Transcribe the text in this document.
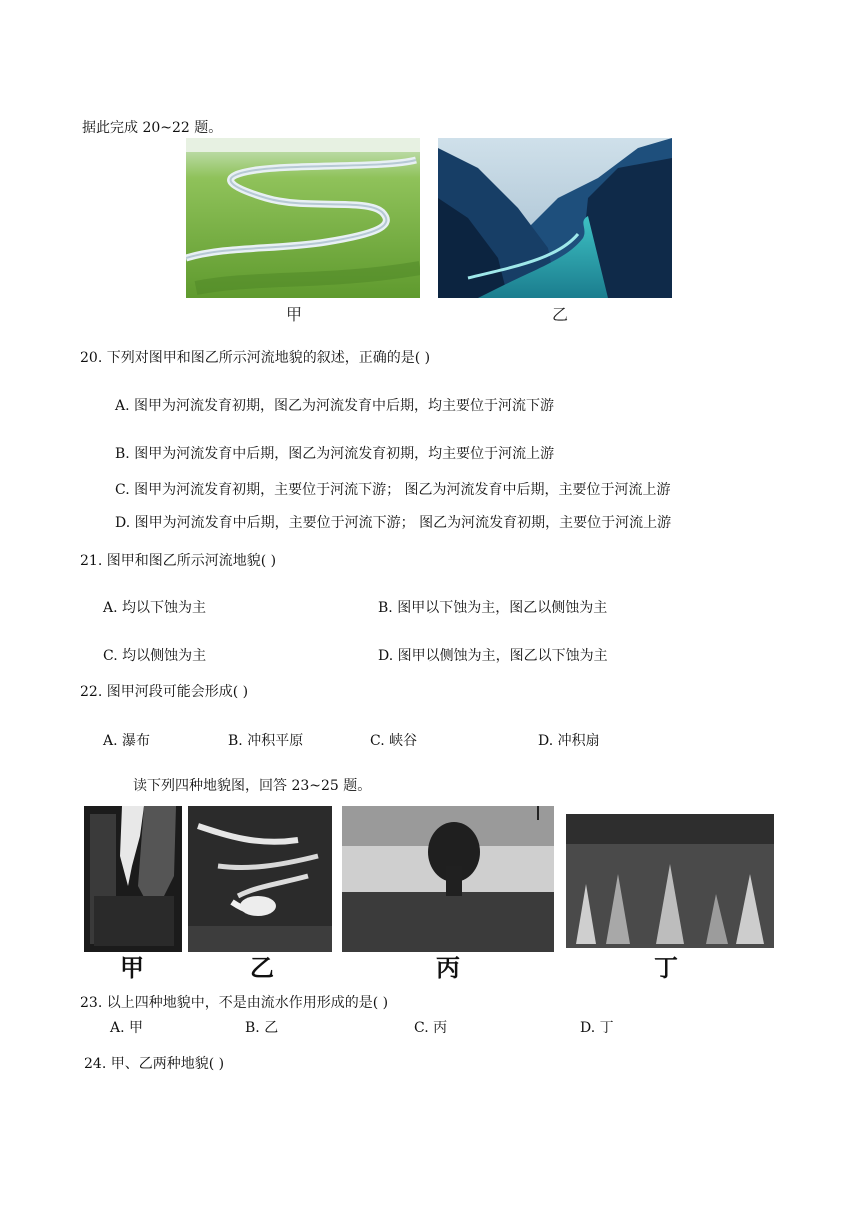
据此完成 20~22 题。
甲	乙
20. 下列对图甲和图乙所示河流地貌的叙述，正确的是( )
A. 图甲为河流发育初期，图乙为河流发育中后期，均主要位于河流下游
B. 图甲为河流发育中后期，图乙为河流发育初期，均主要位于河流上游
C. 图甲为河流发育初期，主要位于河流下游； 图乙为河流发育中后期，主要位于河流上游
D. 图甲为河流发育中后期，主要位于河流下游； 图乙为河流发育初期，主要位于河流上游
21. 图甲和图乙所示河流地貌( )
A. 均以下蚀为主	B. 图甲以下蚀为主，图乙以侧蚀为主
C. 均以侧蚀为主	D. 图甲以侧蚀为主，图乙以下蚀为主
22. 图甲河段可能会形成( )
A. 瀑布	B. 冲积平原	C. 峡谷	D. 冲积扇
读下列四种地貌图，回答 23~25 题。
甲	乙	丙	丁
23. 以上四种地貌中，不是由流水作用形成的是( )
A. 甲	B. 乙	C. 丙	D. 丁
24. 甲、乙两种地貌( )
